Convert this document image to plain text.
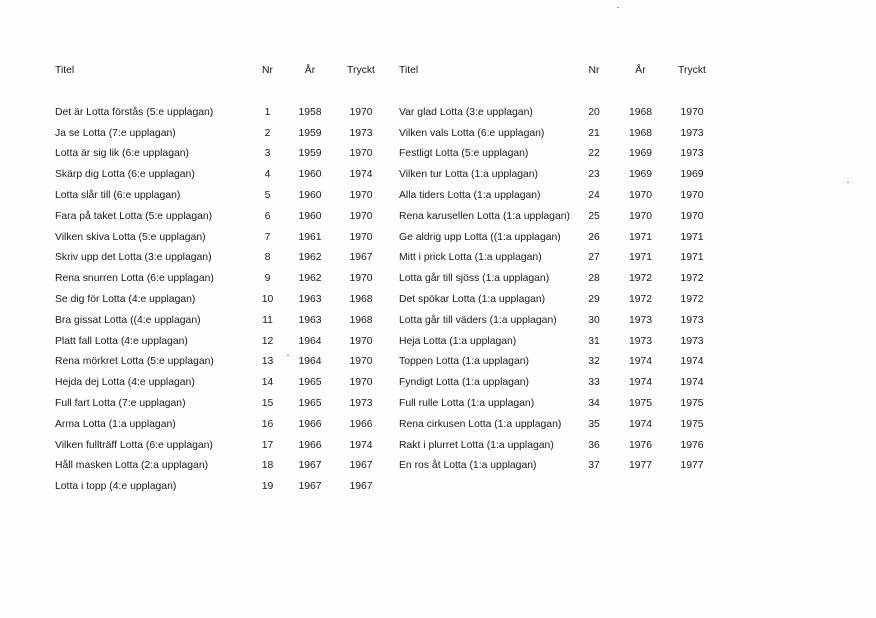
Titel	Nr	År	Tryckt
Det är Lotta förstås (5:e upplagan)	1	1958	1970
Ja se Lotta (7:e upplagan)	2	1959	1973
Lotta är sig lik (6:e upplagan)	3	1959	1970
Skärp dig Lotta (6:e upplagan)	4	1960	1974
Lotta slår till (6:e upplagan)	5	1960	1970
Fara på taket Lotta (5:e upplagan)	6	1960	1970
Vilken skiva Lotta (5:e upplagan)	7	1961	1970
Skriv upp det Lotta (3:e upplagan)	8	1962	1967
Rena snurren Lotta (6:e upplagan)	9	1962	1970
Se dig för Lotta (4:e upplagan)	10	1963	1968
Bra gissat Lotta ((4:e upplagan)	11	1963	1968
Platt fall Lotta (4:e upplagan)	12	1964	1970
Rena mörkret Lotta (5:e upplagan)	13	1964	1970
Hejda dej Lotta (4:e upplagan)	14	1965	1970
Full fart Lotta (7:e upplagan)	15	1965	1973
Arma Lotta (1:a upplagan)	16	1966	1966
Vilken fullträff Lotta (6:e upplagan)	17	1966	1974
Håll masken Lotta (2:a upplagan)	18	1967	1967
Lotta i topp (4:e upplagan)	19	1967	1967
Titel	Nr	År	Tryckt
Var glad Lotta (3:e upplagan)	20	1968	1970
Vilken vals Lotta (6:e upplagan)	21	1968	1973
Festligt Lotta (5:e upplagan)	22	1969	1973
Vilken tur Lotta (1:a upplagan)	23	1969	1969
Alla tiders Lotta (1:a upplagan)	24	1970	1970
Rena karusellen Lotta (1:a upplagan)	25	1970	1970
Ge aldrig upp Lotta ((1:a upplagan)	26	1971	1971
Mitt i prick Lotta (1:a upplagan)	27	1971	1971
Lotta går till sjöss (1:a upplagan)	28	1972	1972
Det spökar Lotta (1:a upplagan)	29	1972	1972
Lotta går till väders (1:a upplagan)	30	1973	1973
Heja Lotta (1:a upplagan)	31	1973	1973
Toppen Lotta (1:a upplagan)	32	1974	1974
Fyndigt Lotta (1:a upplagan)	33	1974	1974
Full rulle Lotta (1:a upplagan)	34	1975	1975
Rena cirkusen Lotta (1:a upplagan)	35	1974	1975
Rakt i plurret Lotta (1:a upplagan)	36	1976	1976
En ros åt Lotta (1:a upplagan)	37	1977	1977
